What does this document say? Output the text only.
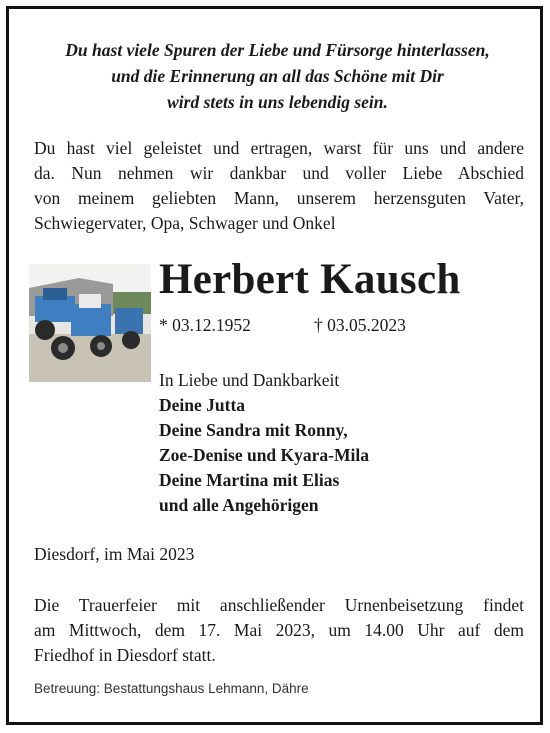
Du hast viele Spuren der Liebe und Fürsorge hinterlassen,
und die Erinnerung an all das Schöne mit Dir
wird stets in uns lebendig sein.
Du hast viel geleistet und ertragen, warst für uns und andere
da. Nun nehmen wir dankbar und voller Liebe Abschied
von meinem geliebten Mann, unserem herzensguten Vater,
Schwiegervater, Opa, Schwager und Onkel
Herbert Kausch
* 03.12.1952	† 03.05.2023
In Liebe und Dankbarkeit
Deine Jutta
Deine Sandra mit Ronny,
Zoe-Denise und Kyara-Mila
Deine Martina mit Elias
und alle Angehörigen
Diesdorf, im Mai 2023
Die Trauerfeier mit anschließender Urnenbeisetzung findet
am Mittwoch, dem 17. Mai 2023, um 14.00 Uhr auf dem
Friedhof in Diesdorf statt.
Betreuung: Bestattungshaus Lehmann, Dähre
